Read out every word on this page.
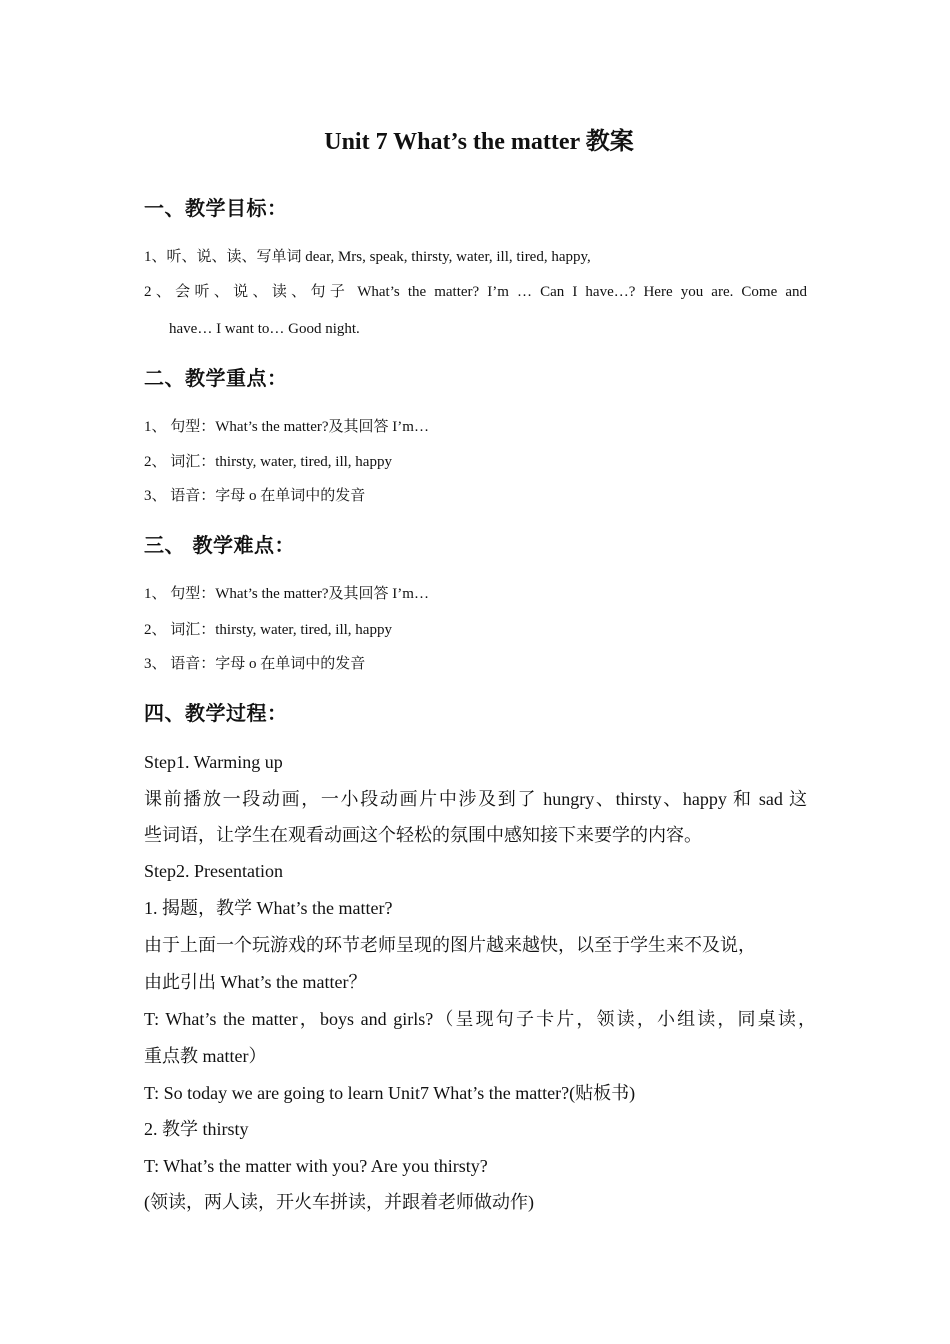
Unit 7 What’s the matter 教案
一、教学目标：
1、听、说、读、写单词 dear, Mrs, speak, thirsty, water, ill, tired, happy,
2、会听、说、读、句子 What’s the matter? I’m … Can I have…? Here you are. Come and
have… I want to… Good night.
二、教学重点：
1、 句型：What’s the matter?及其回答 I’m…
2、 词汇：thirsty, water, tired, ill, happy
3、 语音：字母 o 在单词中的发音
三、 教学难点：
1、 句型：What’s the matter?及其回答 I’m…
2、 词汇：thirsty, water, tired, ill, happy
3、 语音：字母 o 在单词中的发音
四、教学过程：
Step1. Warming up
课前播放一段动画，一小段动画片中涉及到了 hungry、thirsty、happy 和 sad 这
些词语，让学生在观看动画这个轻松的氛围中感知接下来要学的内容。
Step2. Presentation
1. 揭题，教学 What’s the matter?
由于上面一个玩游戏的环节老师呈现的图片越来越快，以至于学生来不及说，
由此引出 What’s the matter？
T: What’s the matter，boys and girls?（呈现句子卡片，领读，小组读，同桌读，
重点教 matter）
T: So today we are going to learn Unit7 What’s the matter?(贴板书)
2. 教学 thirsty
T: What’s the matter with you? Are you thirsty?
(领读，两人读，开火车拼读，并跟着老师做动作)
